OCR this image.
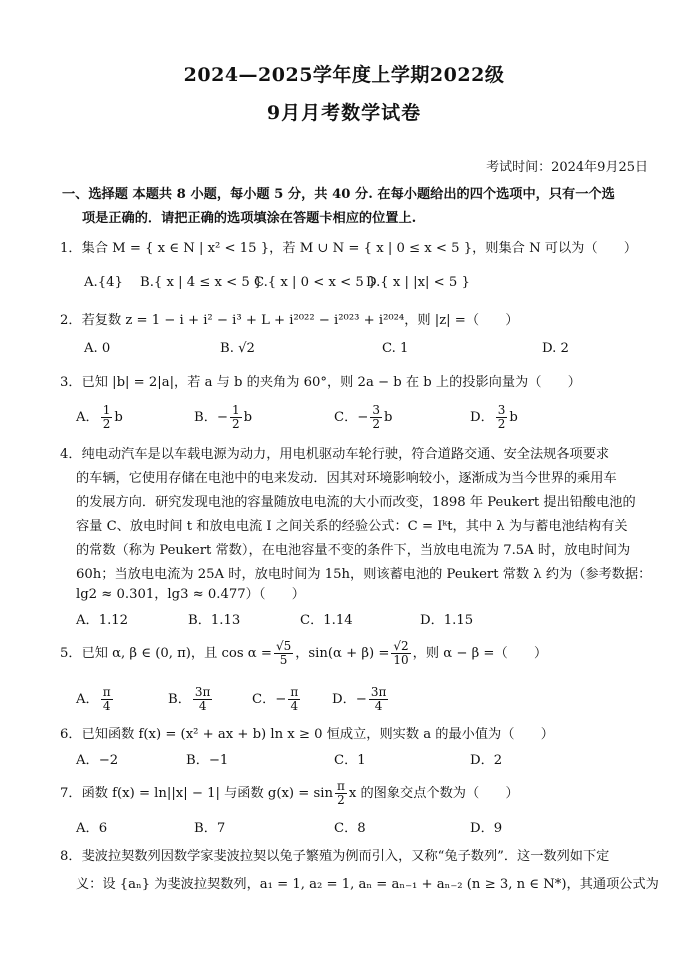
2024—2025学年度上学期2022级
9月月考数学试卷
考试时间：2024年9月25日
一、选择题 本题共 8 小题，每小题 5 分，共 40 分. 在每小题给出的四个选项中，只有一个选
项是正确的．请把正确的选项填涂在答题卡相应的位置上.
1．集合 M = { x ∈ N | x² < 15 }，若 M ∪ N = { x | 0 ≤ x < 5 }，则集合 N 可以为（　　）
A.{4} B.{ x | 4 ≤ x < 5 }
C.{ x | 0 < x < 5 }
D.{ x | |x| < 5 }
2．若复数 z = 1 − i + i² − i³ + L + i²⁰²² − i²⁰²³ + i²⁰²⁴，则 |z| =（　　）
A. 0	B. √2	C. 1	D. 2
3．已知 |b| = 2|a|，若 a 与 b 的夹角为 60°，则 2a − b 在 b 上的投影向量为（　　）
A． $\frac{1}{2}$ b	B．− $\frac{1}{2}$ b	C．− $\frac{3}{2}$ b	D． $\frac{3}{2}$ b
4．纯电动汽车是以车载电源为动力，用电机驱动车轮行驶，符合道路交通、安全法规各项要求
的车辆，它使用存储在电池中的电来发动．因其对环境影响较小，逐渐成为当今世界的乘用车
的发展方向．研究发现电池的容量随放电电流的大小而改变，1898 年 Peukert 提出铅酸电池的
容量 C、放电时间 t 和放电电流 I 之间关系的经验公式：C = Iᵏt，其中 λ 为与蓄电池结构有关
的常数（称为 Peukert 常数），在电池容量不变的条件下，当放电电流为 7.5A 时，放电时间为
60h；当放电电流为 25A 时，放电时间为 15h，则该蓄电池的 Peukert 常数 λ 约为（参考数据：
lg2 ≈ 0.301，lg3 ≈ 0.477）（　　）
A．1.12	B．1.13	C．1.14	D．1.15
5．已知 α, β ∈ (0, π)，且 $\cos \alpha = \frac{√5}{5}$ ，$\sin(\alpha + \beta) = \frac{√2}{10}$ ，则 α − β =（　　）
A． $\frac{\pi}{4}$	B． $\frac{3\pi}{4}$	C．− $\frac{\pi}{4}$ D．− $\frac{3\pi}{4}$
6．已知函数 f(x) = (x² + ax + b) ln x ≥ 0 恒成立，则实数 a 的最小值为（　　）
A．−2	B．−1	C．1	D．2
7．函数 f(x) = ln||x| − 1| 与函数 $g(x) = \sin \frac{\pi}{2}$ x 的图象交点个数为（　　）
A．6	B．7	C．8	D．9
8．斐波拉契数列因数学家斐波拉契以兔子繁殖为例而引入，又称“兔子数列”．这一数列如下定
义：设 {aₙ} 为斐波拉契数列，a₁ = 1, a₂ = 1, aₙ = aₙ₋₁ + aₙ₋₂ (n ≥ 3, n ∈ N*)，其通项公式为
